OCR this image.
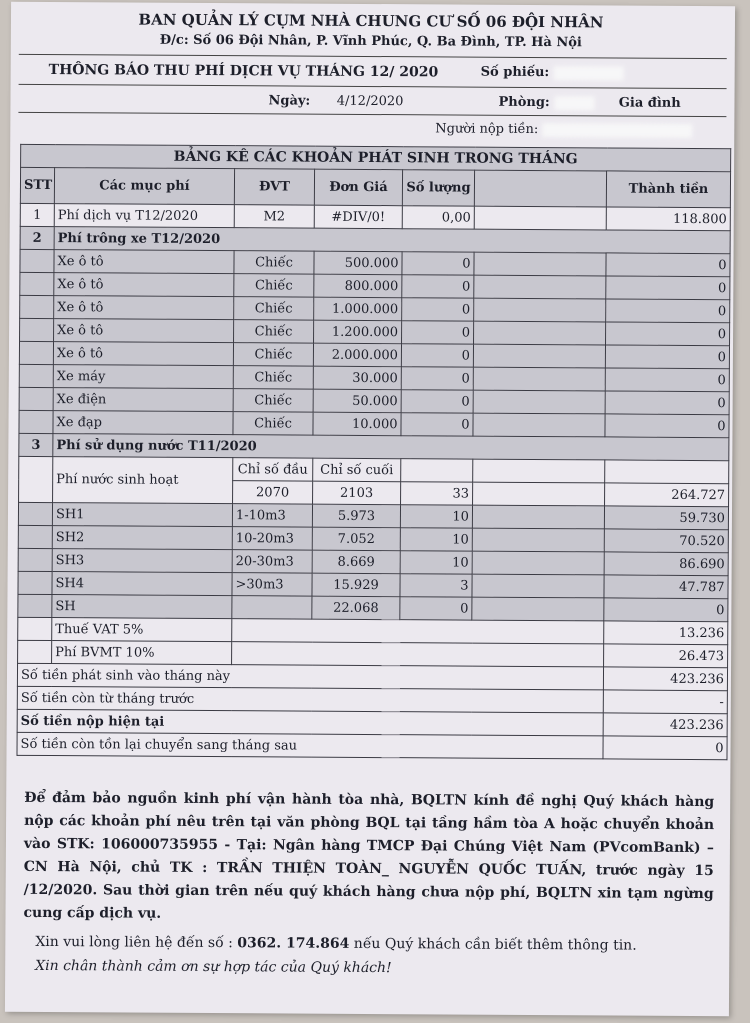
BAN QUẢN LÝ CỤM NHÀ CHUNG CƯ SỐ 06 ĐỘI NHÂN
Đ/c: Số 06 Đội Nhân, P. Vĩnh Phúc, Q. Ba Đình, TP. Hà Nội
THÔNG BÁO THU PHÍ DỊCH VỤ THÁNG 12/ 2020	Số phiếu:
Ngày: 4/12/2020	Phòng:	Gia đình
Người nộp tiền:
BẢNG KÊ CÁC KHOẢN PHÁT SINH TRONG THÁNG						
STT	Các mục phí	ĐVT	Đơn Giá	Số lượng		Thành tiền
1	Phí dịch vụ T12/2020	M2	#DIV/0!	0,00		118.800
2	Phí trông xe T12/2020					
	Xe ô tô	Chiếc	500.000	0		0
	Xe ô tô	Chiếc	800.000	0		0
	Xe ô tô	Chiếc	1.000.000	0		0
	Xe ô tô	Chiếc	1.200.000	0		0
	Xe ô tô	Chiếc	2.000.000	0		0
	Xe máy	Chiếc	30.000	0		0
	Xe điện	Chiếc	50.000	0		0
	Xe đạp	Chiếc	10.000	0		0
3	Phí sử dụng nước T11/2020					
	Phí nước sinh hoạt	Chỉ số đầu	Chỉ số cuối			
		2070	2103	33		264.727
	SH1	1-10m3	5.973	10		59.730
	SH2	10-20m3	7.052	10		70.520
	SH3	20-30m3	8.669	10		86.690
	SH4	>30m3	15.929	3		47.787
	SH		22.068	0		0
	Thuế VAT 5%					13.236
	Phí BVMT 10%					26.473
Số tiền phát sinh vào tháng này						423.236
Số tiền còn từ tháng trước						-
Số tiền nộp hiện tại						423.236
Số tiền còn tồn lại chuyển sang tháng sau						0
Để đảm bảo nguồn kinh phí vận hành tòa nhà, BQLTN kính đề nghị Quý khách hàng nộp các khoản phí nêu trên tại văn phòng BQL tại tầng hầm tòa A hoặc chuyển khoản vào STK: 106000735955 - Tại: Ngân hàng TMCP Đại Chúng Việt Nam (PVcomBank) – CN Hà Nội, chủ TK : TRẦN THIỆN TOÀN_ NGUYỄN QUỐC TUẤN, trước ngày 15 /12/2020. Sau thời gian trên nếu quý khách hàng chưa nộp phí, BQLTN xin tạm ngừng cung cấp dịch vụ.
Xin vui lòng liên hệ đến số : 0362. 174.864 nếu Quý khách cần biết thêm thông tin.
Xin chân thành cảm ơn sự hợp tác của Quý khách!
